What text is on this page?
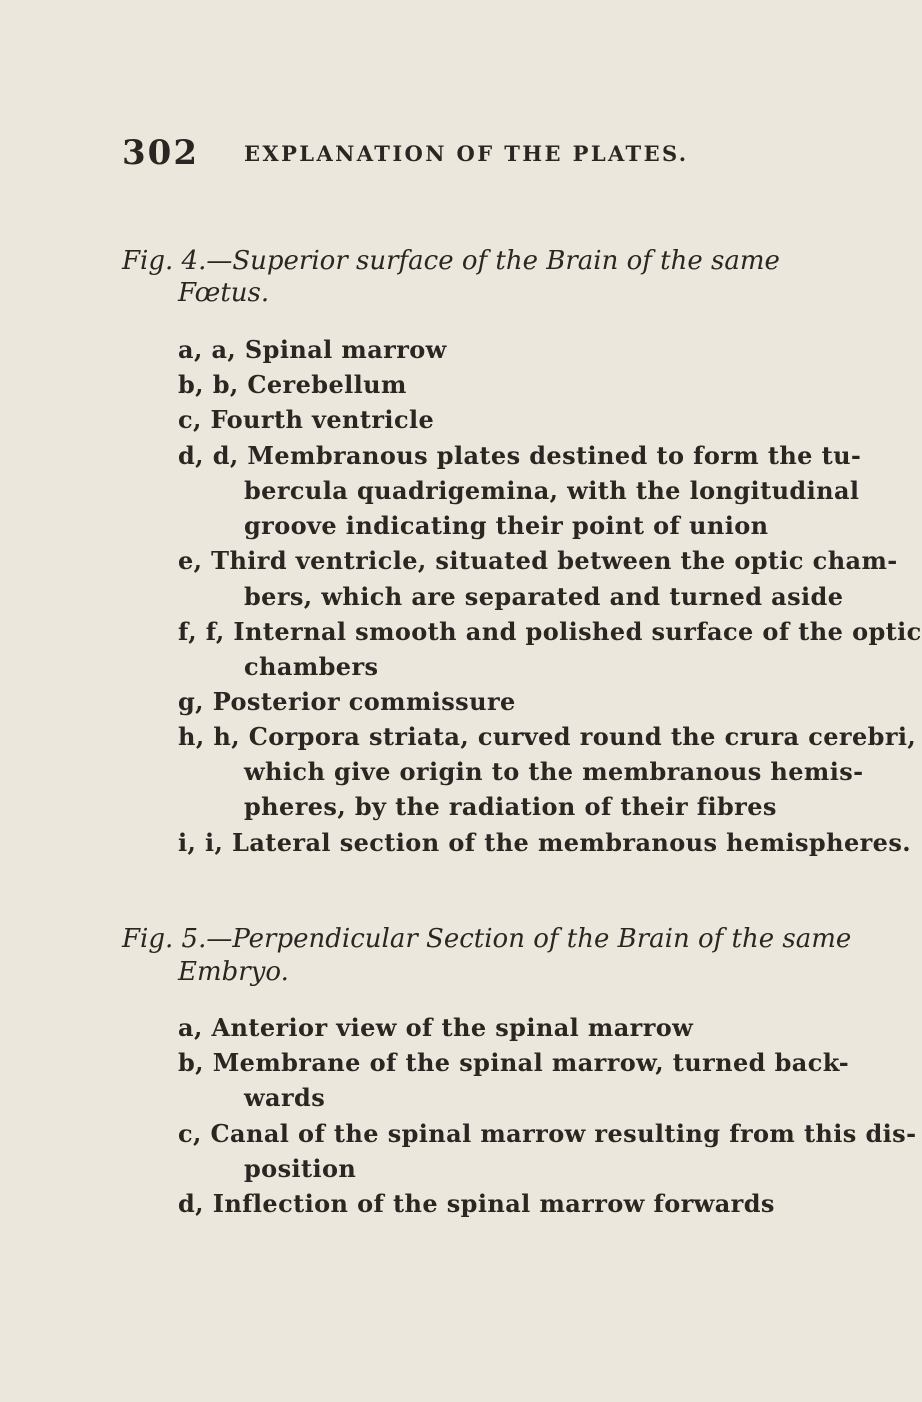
302 EXPLANATION OF THE PLATES.
Fig. 4.—Superior surface of the Brain of the same
Fœtus.
a, a, Spinal marrow
b, b, Cerebellum
c, Fourth ventricle
d, d, Membranous plates destined to form the tu-
bercula quadrigemina, with the longitudinal
groove indicating their point of union
e, Third ventricle, situated between the optic cham-
bers, which are separated and turned aside
f, f, Internal smooth and polished surface of the optic
chambers
g, Posterior commissure
h, h, Corpora striata, curved round the crura cerebri,
which give origin to the membranous hemis-
pheres, by the radiation of their fibres
i, i, Lateral section of the membranous hemispheres.
Fig. 5.—Perpendicular Section of the Brain of the same
Embryo.
a, Anterior view of the spinal marrow
b, Membrane of the spinal marrow, turned back-
wards
c, Canal of the spinal marrow resulting from this dis-
position
d, Inflection of the spinal marrow forwards
